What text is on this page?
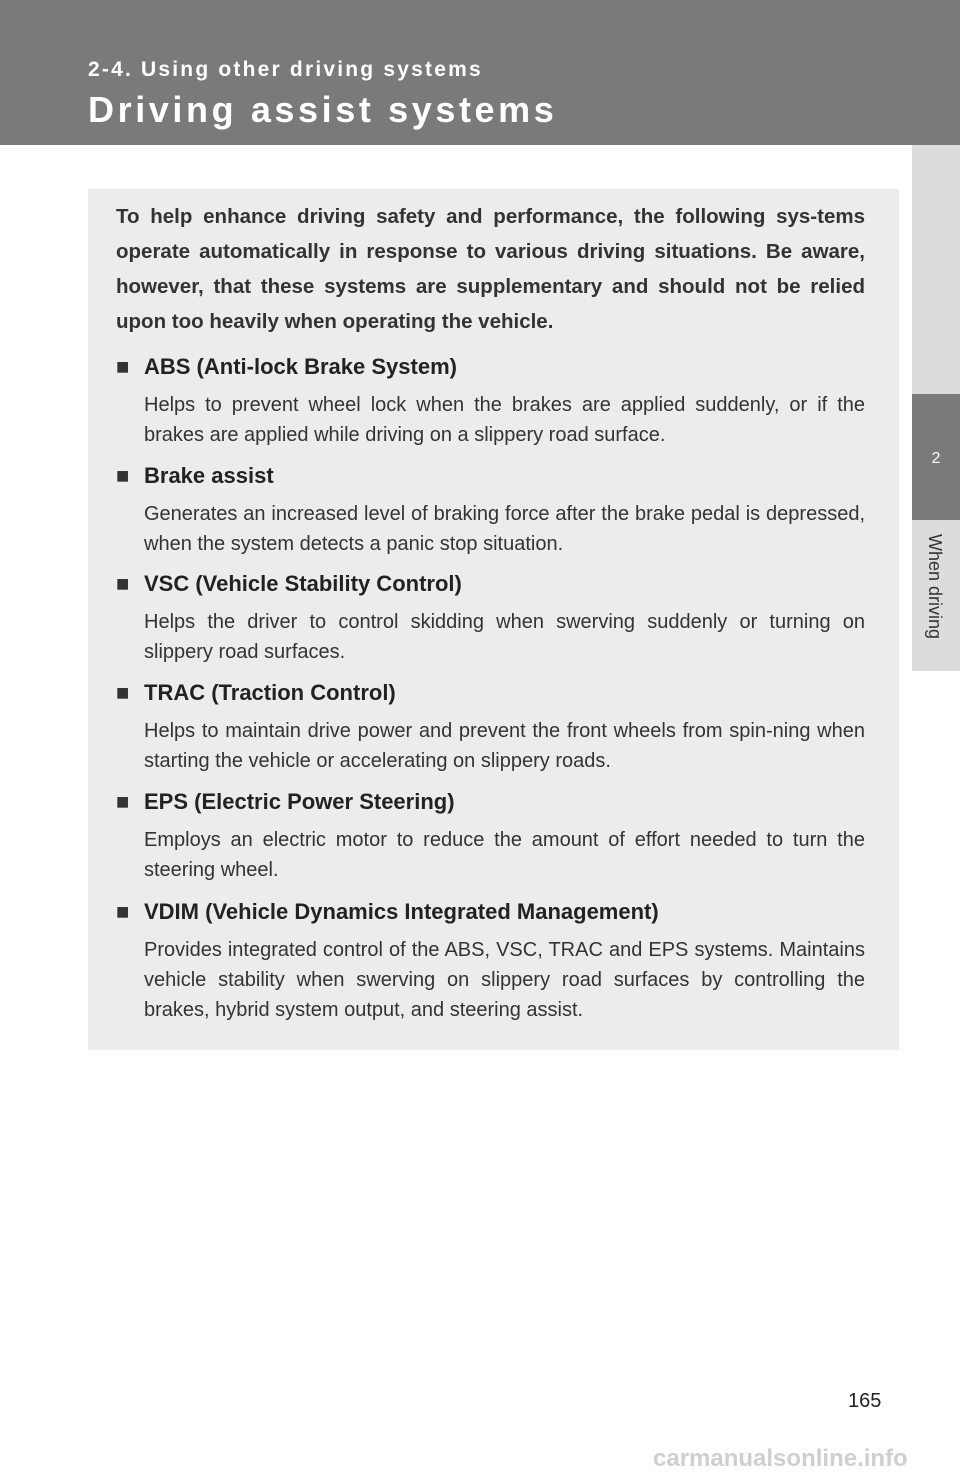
2-4. Using other driving systems
Driving assist systems
2
When driving
To help enhance driving safety and performance, the following sys-tems operate automatically in response to various driving situations. Be aware, however, that these systems are supplementary and should not be relied upon too heavily when operating the vehicle.
■ ABS (Anti-lock Brake System)
Helps to prevent wheel lock when the brakes are applied suddenly, or if the brakes are applied while driving on a slippery road surface.
■ Brake assist
Generates an increased level of braking force after the brake pedal is depressed, when the system detects a panic stop situation.
■ VSC (Vehicle Stability Control)
Helps the driver to control skidding when swerving suddenly or turning on slippery road surfaces.
■ TRAC (Traction Control)
Helps to maintain drive power and prevent the front wheels from spin-ning when starting the vehicle or accelerating on slippery roads.
■ EPS (Electric Power Steering)
Employs an electric motor to reduce the amount of effort needed to turn the steering wheel.
■ VDIM (Vehicle Dynamics Integrated Management)
Provides integrated control of the ABS, VSC, TRAC and EPS systems. Maintains vehicle stability when swerving on slippery road surfaces by controlling the brakes, hybrid system output, and steering assist.
165
carmanualsonline.info
